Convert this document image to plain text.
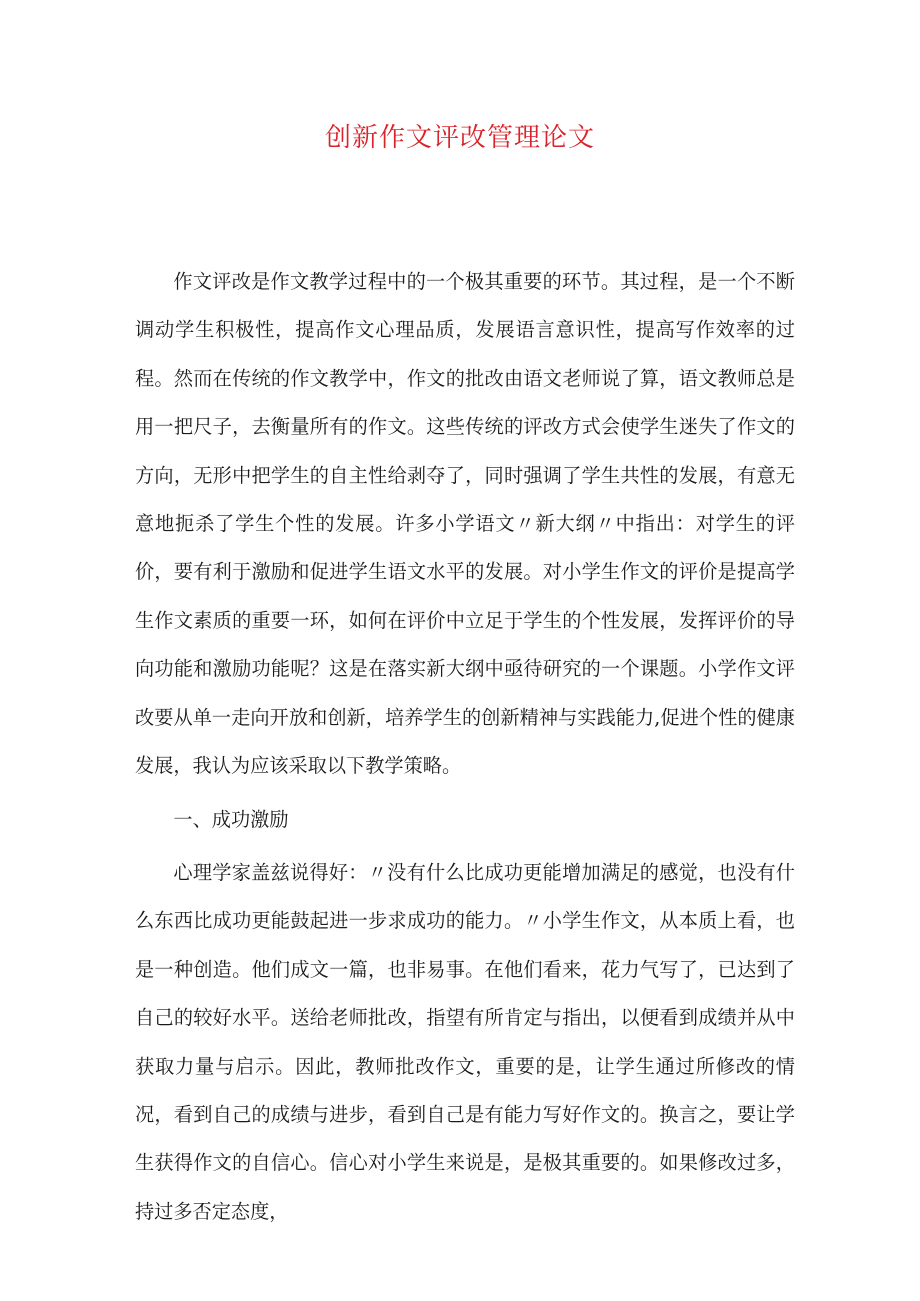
创新作文评改管理论文

作文评改是作文教学过程中的一个极其重要的环节。其过程，是一个不断调动学生积极性，提高作文心理品质，发展语言意识性，提高写作效率的过程。然而在传统的作文教学中，作文的批改由语文老师说了算，语文教师总是用一把尺子，去衡量所有的作文。这些传统的评改方式会使学生迷失了作文的方向，无形中把学生的自主性给剥夺了，同时强调了学生共性的发展，有意无意地扼杀了学生个性的发展。许多小学语文〃新大纲〃中指出：对学生的评价，要有利于激励和促进学生语文水平的发展。对小学生作文的评价是提高学生作文素质的重要一环，如何在评价中立足于学生的个性发展，发挥评价的导向功能和激励功能呢？这是在落实新大纲中亟待研究的一个课题。小学作文评改要从单一走向开放和创新，培养学生的创新精神与实践能力,促进个性的健康发展，我认为应该采取以下教学策略。

一、成功激励

心理学家盖兹说得好：〃没有什么比成功更能增加满足的感觉，也没有什么东西比成功更能鼓起进一步求成功的能力。〃小学生作文，从本质上看，也是一种创造。他们成文一篇，也非易事。在他们看来，花力气写了，已达到了自己的较好水平。送给老师批改，指望有所肯定与指出，以便看到成绩并从中获取力量与启示。因此，教师批改作文，重要的是，让学生通过所修改的情况，看到自己的成绩与进步，看到自己是有能力写好作文的。换言之，要让学生获得作文的自信心。信心对小学生来说是，是极其重要的。如果修改过多，持过多否定态度，
